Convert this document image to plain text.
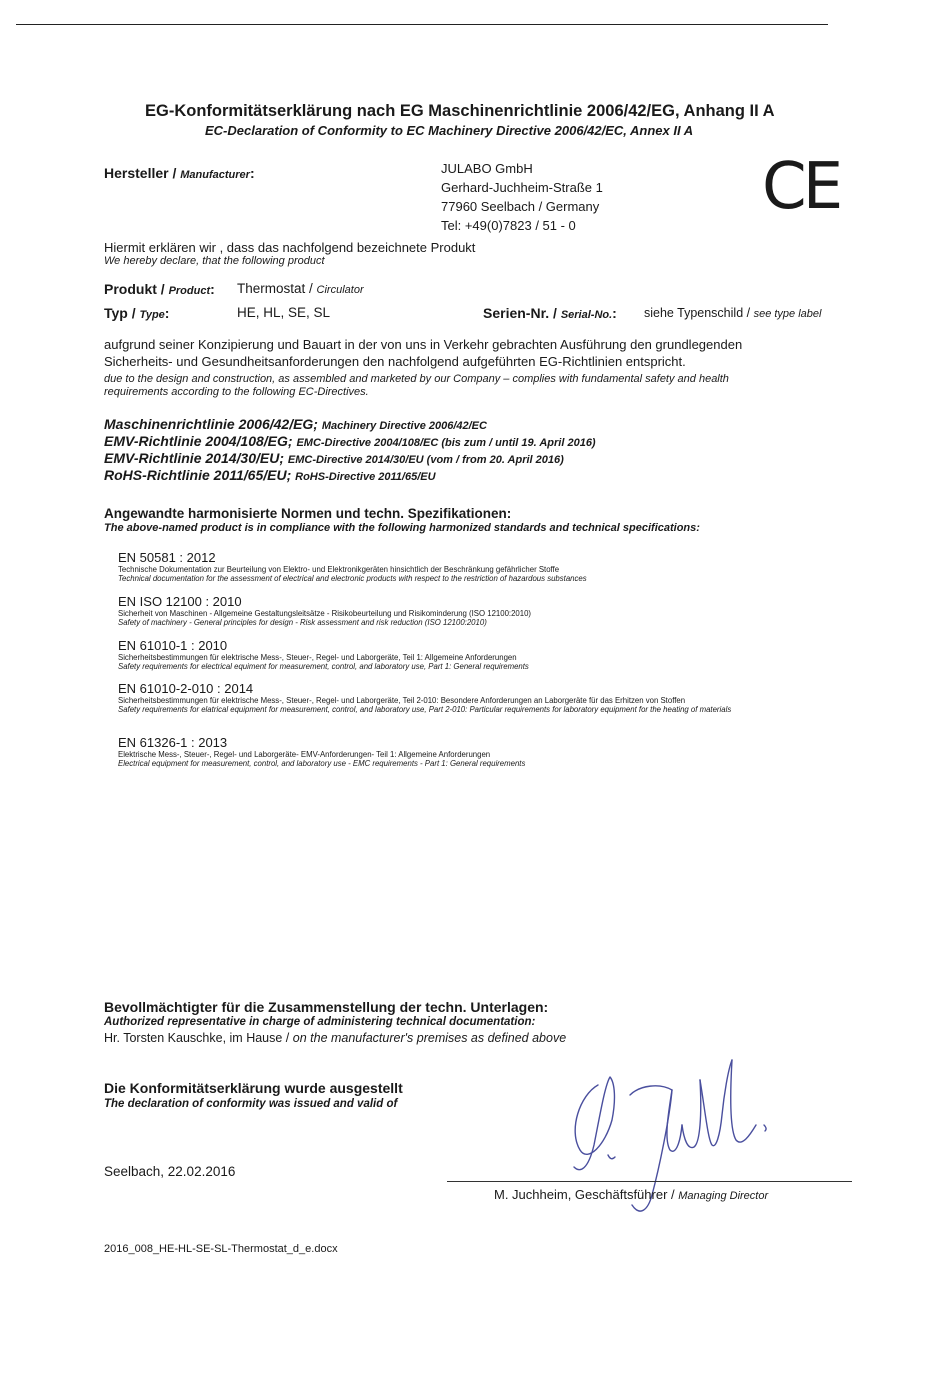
EG-Konformitätserklärung nach EG Maschinenrichtlinie 2006/42/EG, Anhang II A
EC-Declaration of Conformity to EC Machinery Directive 2006/42/EC, Annex II A
Hersteller / Manufacturer:	JULABO GmbH
Gerhard-Juchheim-Straße 1
77960 Seelbach / Germany
Tel: +49(0)7823 / 51 - 0
CE
Hiermit erklären wir , dass das nachfolgend bezeichnete Produkt
We hereby declare, that the following product
Produkt / Product: Thermostat / Circulator
Typ / Type:	HE, HL, SE, SL	Serien-Nr. / Serial-No.: siehe Typenschild / see type label
aufgrund seiner Konzipierung und Bauart in der von uns in Verkehr gebrachten Ausführung den grundlegenden
Sicherheits- und Gesundheitsanforderungen den nachfolgend aufgeführten EG-Richtlinien entspricht.
due to the design and construction, as assembled and marketed by our Company – complies with fundamental safety and health
requirements according to the following EC-Directives.
Maschinenrichtlinie 2006/42/EG; Machinery Directive 2006/42/EC
EMV-Richtlinie 2004/108/EG; EMC-Directive 2004/108/EC (bis zum / until 19. April 2016)
EMV-Richtlinie 2014/30/EU; EMC-Directive 2014/30/EU (vom / from 20. April 2016)
RoHS-Richtlinie 2011/65/EU; RoHS-Directive 2011/65/EU
Angewandte harmonisierte Normen und techn. Spezifikationen:
The above-named product is in compliance with the following harmonized standards and technical specifications:
EN 50581 : 2012
Technische Dokumentation zur Beurteilung von Elektro- und Elektronikgeräten hinsichtlich der Beschränkung gefährlicher Stoffe
Technical documentation for the assessment of electrical and electronic products with respect to the restriction of hazardous substances
EN ISO 12100 : 2010
Sicherheit von Maschinen - Allgemeine Gestaltungsleitsätze - Risikobeurteilung und Risikominderung (ISO 12100:2010)
Safety of machinery - General principles for design - Risk assessment and risk reduction (ISO 12100:2010)
EN 61010-1 : 2010
Sicherheitsbestimmungen für elektrische Mess-, Steuer-, Regel- und Laborgeräte, Teil 1: Allgemeine Anforderungen
Safety requirements for electrical equiment for measurement, control, and laboratory use, Part 1: General requirements
EN 61010-2-010 : 2014
Sicherheitsbestimmungen für elektrische Mess-, Steuer-, Regel- und Laborgeräte, Teil 2-010: Besondere Anforderungen an Laborgeräte für das Erhitzen von Stoffen
Safety requirements for elatrical equipment for measurement, control, and laboratory use, Part 2-010: Particular requirements for laboratory equipment for the heating of materials
EN 61326-1 : 2013
Elektrische Mess-, Steuer-, Regel- und Laborgeräte- EMV-Anforderungen- Teil 1: Allgemeine Anforderungen
Electrical equipment for measurement, control, and laboratory use - EMC requirements - Part 1: General requirements
Bevollmächtigter für die Zusammenstellung der techn. Unterlagen:
Authorized representative in charge of administering technical documentation:
Hr. Torsten Kauschke, im Hause / on the manufacturer's premises as defined above
Die Konformitätserklärung wurde ausgestellt
The declaration of conformity was issued and valid of
Seelbach, 22.02.2016
M. Juchheim, Geschäftsführer / Managing Director
2016_008_HE-HL-SE-SL-Thermostat_d_e.docx
